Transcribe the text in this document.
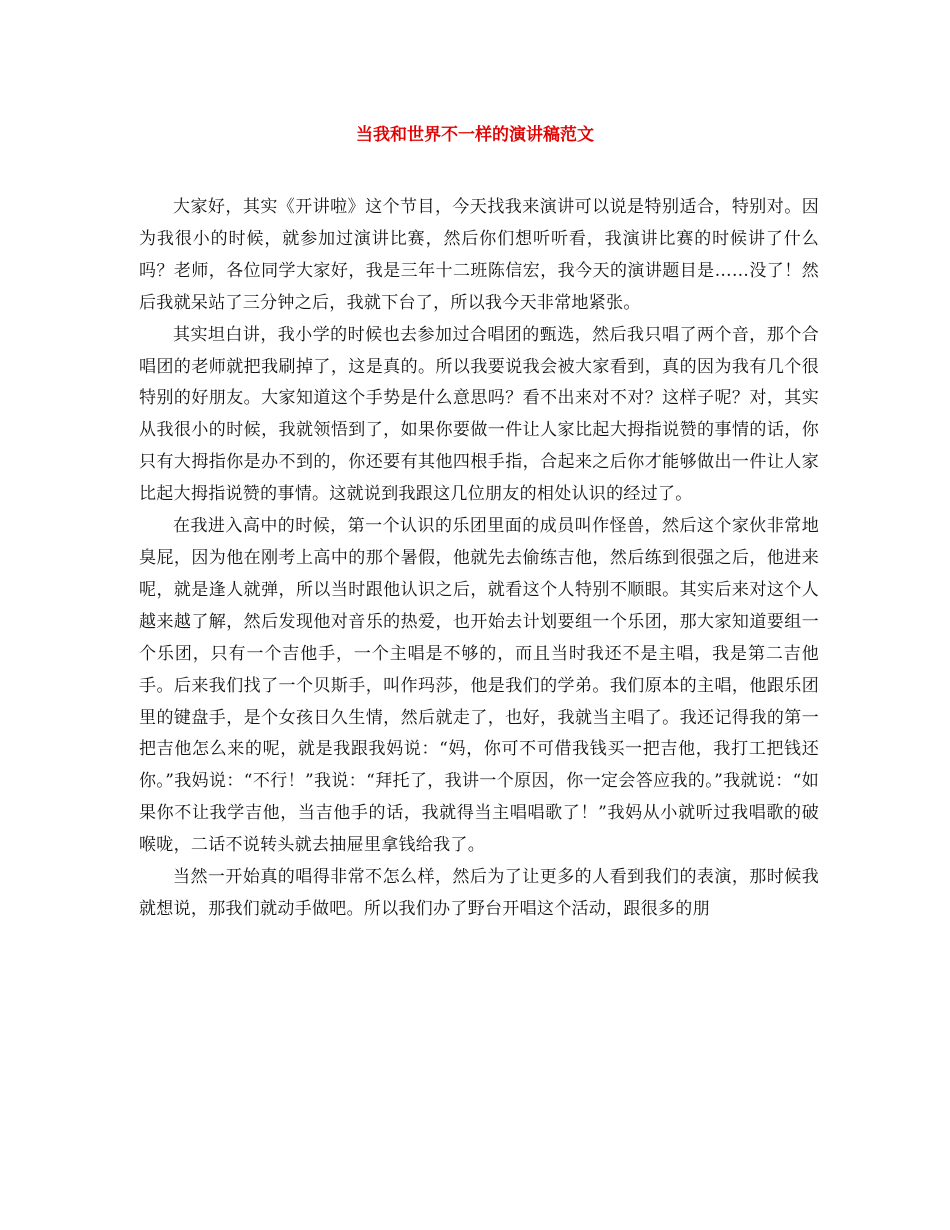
当我和世界不一样的演讲稿范文

大家好，其实《开讲啦》这个节目，今天找我来演讲可以说是特别适合，特别对。因为我很小的时候，就参加过演讲比赛，然后你们想听听看，我演讲比赛的时候讲了什么吗？老师，各位同学大家好，我是三年十二班陈信宏，我今天的演讲题目是……没了！然后我就呆站了三分钟之后，我就下台了，所以我今天非常地紧张。

其实坦白讲，我小学的时候也去参加过合唱团的甄选，然后我只唱了两个音，那个合唱团的老师就把我刷掉了，这是真的。所以我要说我会被大家看到，真的因为我有几个很特别的好朋友。大家知道这个手势是什么意思吗？看不出来对不对？这样子呢？对，其实从我很小的时候，我就领悟到了，如果你要做一件让人家比起大拇指说赞的事情的话，你只有大拇指你是办不到的，你还要有其他四根手指，合起来之后你才能够做出一件让人家比起大拇指说赞的事情。这就说到我跟这几位朋友的相处认识的经过了。

在我进入高中的时候，第一个认识的乐团里面的成员叫作怪兽，然后这个家伙非常地臭屁，因为他在刚考上高中的那个暑假，他就先去偷练吉他，然后练到很强之后，他进来呢，就是逢人就弹，所以当时跟他认识之后，就看这个人特别不顺眼。其实后来对这个人越来越了解，然后发现他对音乐的热爱，也开始去计划要组一个乐团，那大家知道要组一个乐团，只有一个吉他手，一个主唱是不够的，而且当时我还不是主唱，我是第二吉他手。后来我们找了一个贝斯手，叫作玛莎，他是我们的学弟。我们原本的主唱，他跟乐团里的键盘手，是个女孩日久生情，然后就走了，也好，我就当主唱了。我还记得我的第一把吉他怎么来的呢，就是我跟我妈说：“妈，你可不可借我钱买一把吉他，我打工把钱还你。”我妈说：“不行！”我说：“拜托了，我讲一个原因，你一定会答应我的。”我就说：“如果你不让我学吉他，当吉他手的话，我就得当主唱唱歌了！”我妈从小就听过我唱歌的破喉咙，二话不说转头就去抽屉里拿钱给我了。

当然一开始真的唱得非常不怎么样，然后为了让更多的人看到我们的表演，那时候我就想说，那我们就动手做吧。所以我们办了野台开唱这个活动，跟很多的朋
